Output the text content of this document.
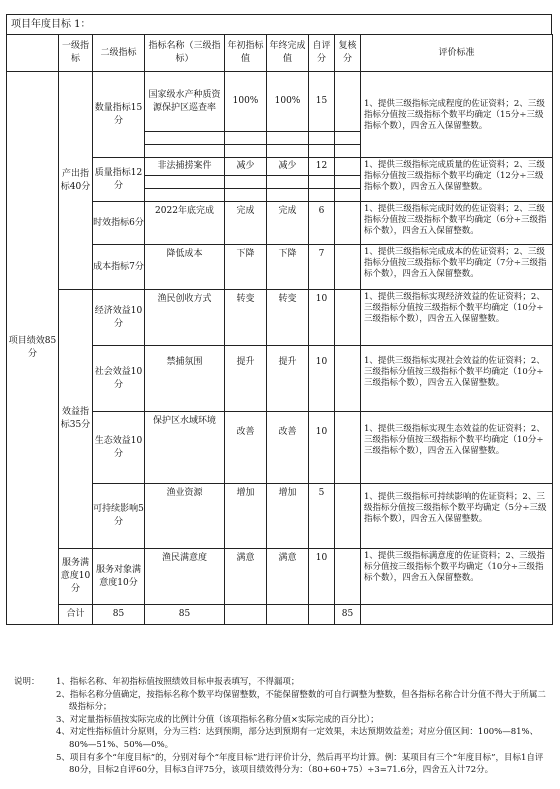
项目年度目标 1：
	一级指标	二级指标	指标名称（三级指标）	年初指标值	年终完成值	自评分	复核分	评价标准	
项目绩效85分	产出指标40分	数量指标15分	国家级水产种质资源保护区巡查率	100%	100%	15		1、提供三级指标完成程度的佐证资料；2、三级指标分值按三级指标个数平均确定（15分÷三级指标个数），四舍五入保留整数。	

		质量指标12分	非法捕捞案件	减少	减少	12		1、提供三级指标完成质量的佐证资料；2、三级指标分值按三级指标个数平均确定（12分÷三级指标个数），四舍五入保留整数。	

		时效指标6分	2022年底完成	完成	完成	6		1、提供三级指标完成时效的佐证资料；2、三级指标分值按三级指标个数平均确定（6分÷三级指标个数），四舍五入保留整数。	
		成本指标7分	降低成本	下降	下降	7		1、提供三级指标完成成本的佐证资料；2、三级指标分值按三级指标个数平均确定（7分÷三级指标个数），四舍五入保留整数。	
	效益指标35分	经济效益10分	渔民创收方式	转变	转变	10		1、提供三级指标实现经济效益的佐证资料；2、三级指标分值按三级指标个数平均确定（10分÷三级指标个数），四舍五入保留整数。	
		社会效益10分	禁捕氛围	提升	提升	10		1、提供三级指标实现社会效益的佐证资料；2、三级指标分值按三级指标个数平均确定（10分÷三级指标个数），四舍五入保留整数。	
		生态效益10分	保护区水域环境	改善	改善	10		1、提供三级指标实现生态效益的佐证资料；2、三级指标分值按三级指标个数平均确定（10分÷三级指标个数），四舍五入保留整数。	
		可持续影响5分	渔业资源	增加	增加	5		1、提供三级指标可持续影响的佐证资料；2、三级指标分值按三级指标个数平均确定（5分÷三级指标个数），四舍五入保留整数。	
	服务满意度10分	服务对象满意度10分	渔民满意度	满意	满意	10		1、提供三级指标满意度的佐证资料；2、三级指标分值按三级指标个数平均确定（10分÷三级指标个数），四舍五入保留整数。	
	合计	85	85				85		
说明： 1、指标名称、年初指标值按照绩效目标申报表填写，不得漏项；
2、指标名称分值确定，按指标名称个数平均保留整数，不能保留整数的可自行调整为整数，但各指标名称合计分值不得大于所属二级指标分；
3、对定量指标值按实际完成的比例计分值（该项指标名称分值×实际完成的百分比）；
4、对定性指标值计分原则，分为三档：达到预期，部分达到预期有一定效果，未达预期效益差；对应分值区间：100%—81%、80%—51%、50%—0%。
5、项目有多个“年度目标”的，分别对每个“年度目标”进行评价计分，然后再平均计算。例：某项目有三个“年度目标”，目标1自评80分，目标2自评60分，目标3自评75分，该项目绩效得分为：（80+60+75）÷3=71.6分，四舍五入计72分。
